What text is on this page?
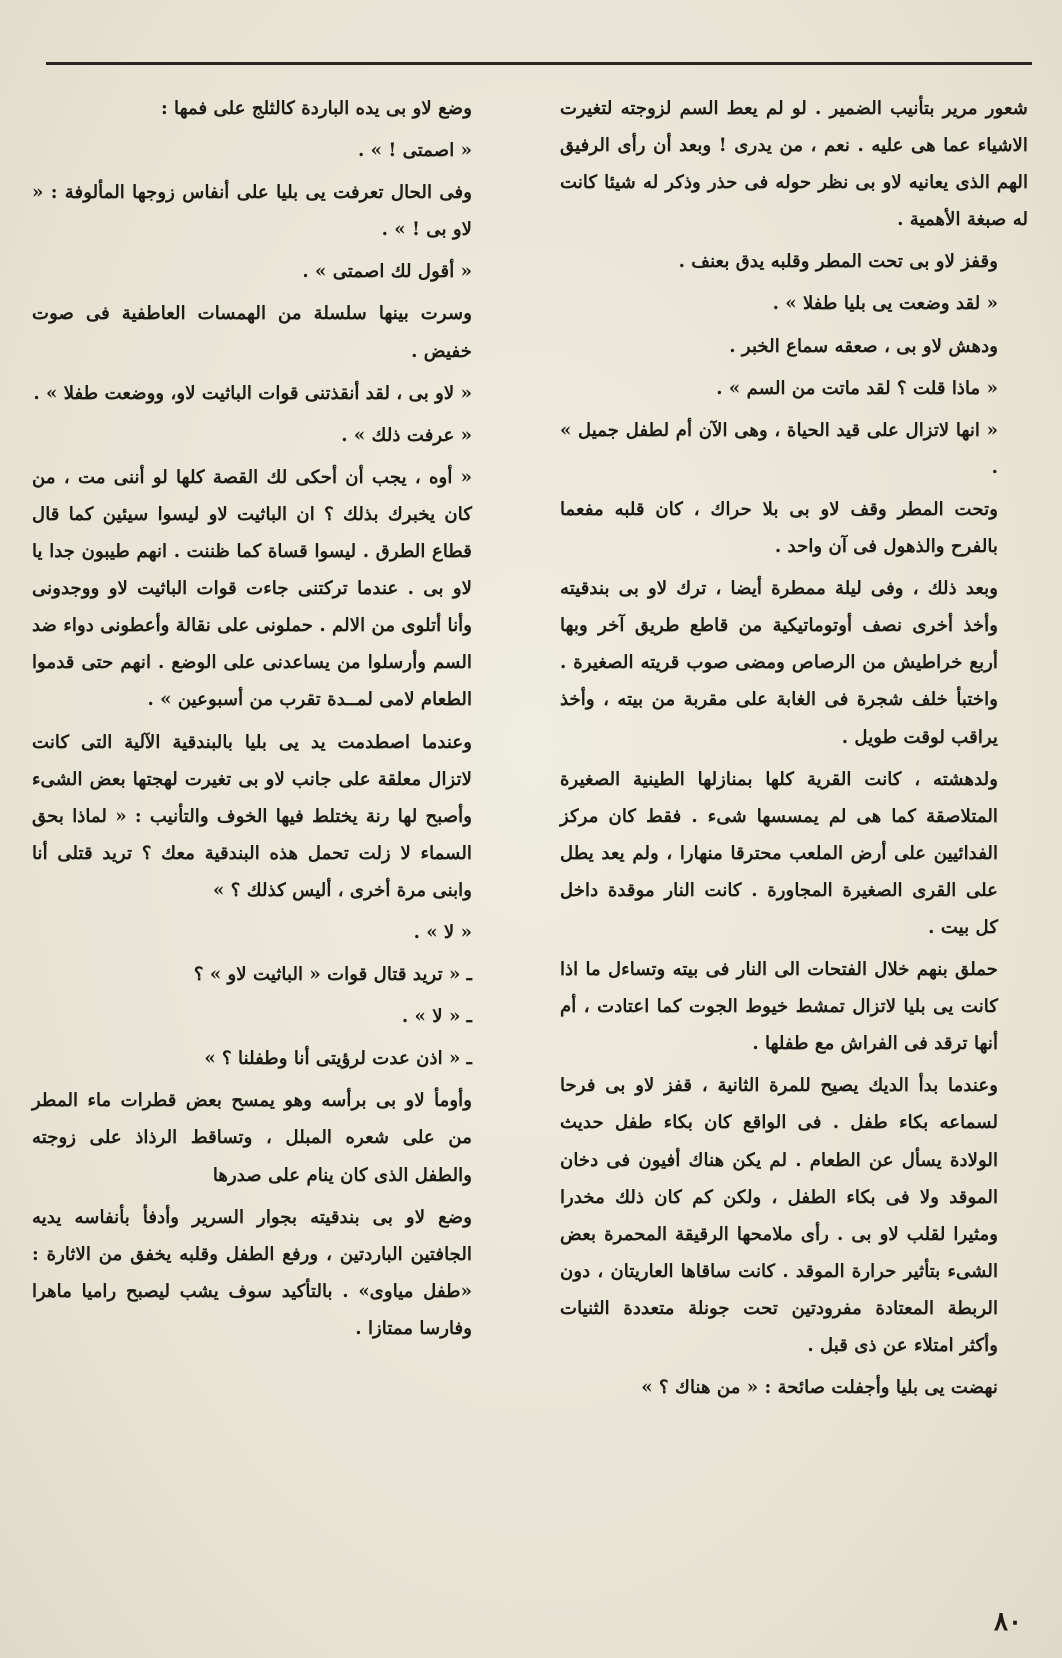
شعور مرير بتأنيب الضمير . لو لم يعط السم لزوجته لتغيرت الاشياء عما هى عليه . نعم ، من يدرى ! وبعد أن رأى الرفيق الهم الذى يعانيه لاو بى نظر حوله فى حذر وذكر له شيئا كانت له صبغة الأهمية .

وقفز لاو بى تحت المطر وقلبه يدق بعنف .

« لقد وضعت يى بليا طفلا » .

ودهش لاو بى ، صعقه سماع الخبر .

« ماذا قلت ؟ لقد ماتت من السم » .

« انها لاتزال على قيد الحياة ، وهى الآن أم لطفل جميل » .

وتحت المطر وقف لاو بى بلا حراك ، كان قلبه مفعما بالفرح والذهول فى آن واحد .

وبعد ذلك ، وفى ليلة ممطرة أيضا ، ترك لاو بى بندقيته وأخذ أخرى نصف أوتوماتيكية من قاطع طريق آخر وبها أربع خراطيش من الرصاص ومضى صوب قريته الصغيرة . واختبأ خلف شجرة فى الغابة على مقربة من بيته ، وأخذ يراقب لوقت طويل .

ولدهشته ، كانت القرية كلها بمنازلها الطينية الصغيرة المتلاصقة كما هى لم يمسسها شىء . فقط كان مركز الفدائيين على أرض الملعب محترقا منهارا ، ولم يعد يطل على القرى الصغيرة المجاورة . كانت النار موقدة داخل كل بيت .

حملق بنهم خلال الفتحات الى النار فى بيته وتساءل ما اذا كانت يى بليا لاتزال تمشط خيوط الجوت كما اعتادت ، أم أنها ترقد فى الفراش مع طفلها .

وعندما بدأ الديك يصيح للمرة الثانية ، قفز لاو بى فرحا لسماعه بكاء طفل . فى الواقع كان بكاء طفل حديث الولادة يسأل عن الطعام . لم يكن هناك أفيون فى دخان الموقد ولا فى بكاء الطفل ، ولكن كم كان ذلك مخدرا ومثيرا لقلب لاو بى . رأى ملامحها الرقيقة المحمرة بعض الشىء بتأثير حرارة الموقد . كانت ساقاها العاريتان ، دون الربطة المعتادة مفرودتين تحت جونلة متعددة الثنيات وأكثر امتلاء عن ذى قبل .

نهضت يى بليا وأجفلت صائحة : « من هناك ؟ »

وضع لاو بى يده الباردة كالثلج على فمها :

« اصمتى ! » .

وفى الحال تعرفت يى بليا على أنفاس زوجها المألوفة : « لاو بى ! » .

« أقول لك اصمتى » .

وسرت بينها سلسلة من الهمسات العاطفية فى صوت خفيض .

« لاو بى ، لقد أنقذتنى قوات الباثيت لاو، ووضعت طفلا » .

« عرفت ذلك » .

« أوه ، يجب أن أحكى لك القصة كلها لو أننى مت ، من كان يخبرك بذلك ؟ ان الباثيت لاو ليسوا سيئين كما قال قطاع الطرق . ليسوا قساة كما ظننت . انهم طيبون جدا يا لاو بى . عندما تركتنى جاءت قوات الباثيت لاو ووجدونى وأنا أتلوى من الالم . حملونى على نقالة وأعطونى دواء ضد السم وأرسلوا من يساعدنى على الوضع . انهم حتى قدموا الطعام لامى لمــدة تقرب من أسبوعين » .

وعندما اصطدمت يد يى بليا بالبندقية الآلية التى كانت لاتزال معلقة على جانب لاو بى تغيرت لهجتها بعض الشىء وأصبح لها رنة يختلط فيها الخوف والتأنيب : « لماذا بحق السماء لا زلت تحمل هذه البندقية معك ؟ تريد قتلى أنا وابنى مرة أخرى ، أليس كذلك ؟ »

« لا » .

ـ « تريد قتال قوات « الباثيت لاو » ؟

ـ « لا » .

ـ « اذن عدت لرؤيتى أنا وطفلنا ؟ »

وأومأ لاو بى برأسه وهو يمسح بعض قطرات ماء المطر من على شعره المبلل ، وتساقط الرذاذ على زوجته والطفل الذى كان ينام على صدرها

وضع لاو بى بندقيته بجوار السرير وأدفأ بأنفاسه يديه الجافتين الباردتين ، ورفع الطفل وقلبه يخفق من الاثارة : «طفل مياوى» . بالتأكيد سوف يشب ليصبح راميا ماهرا وفارسا ممتازا .

٨٠
